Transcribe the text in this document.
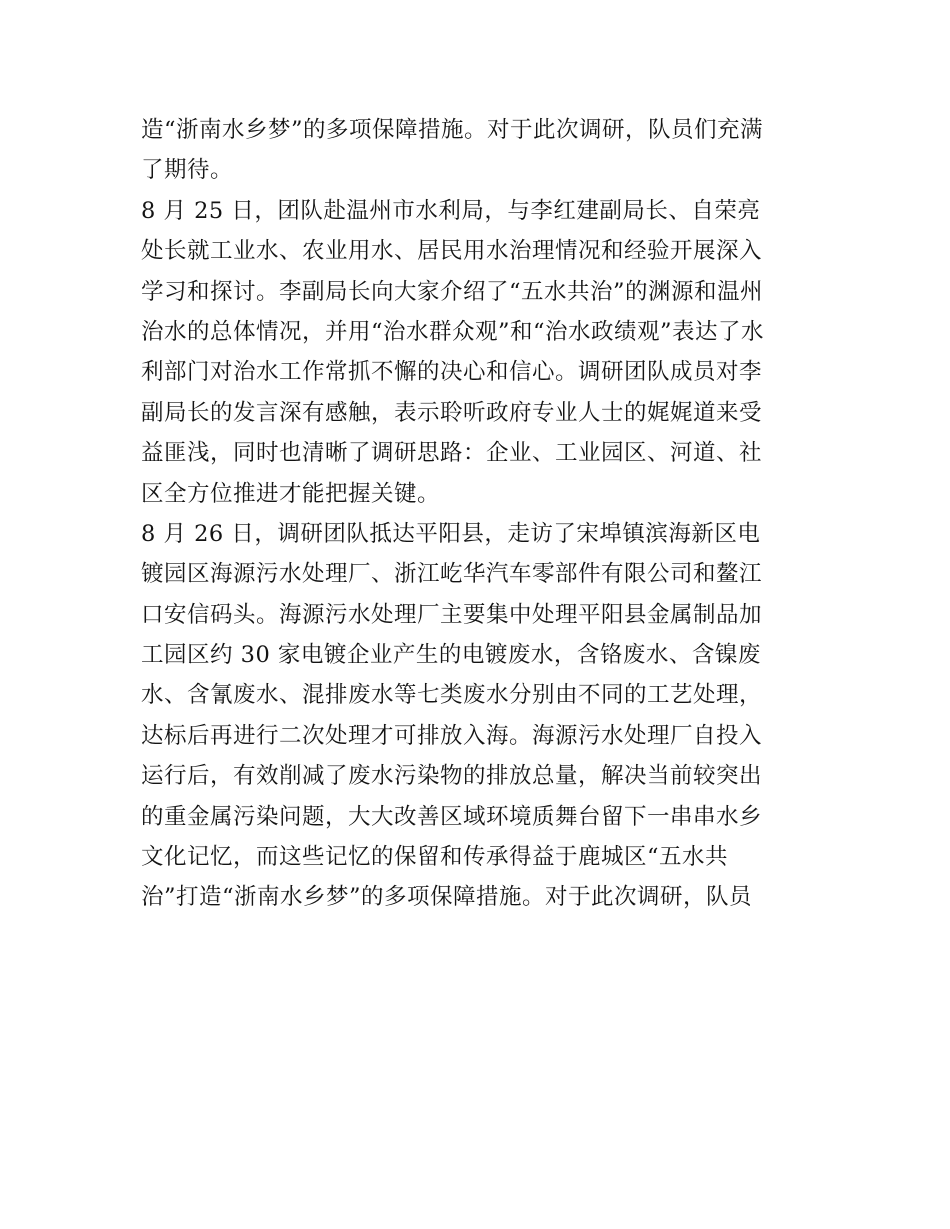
造“浙南水乡梦”的多项保障措施。对于此次调研，队员们充满
了期待。
8 月 25 日，团队赴温州市水利局，与李红建副局长、自荣亮
处长就工业水、农业用水、居民用水治理情况和经验开展深入
学习和探讨。李副局长向大家介绍了“五水共治”的渊源和温州
治水的总体情况，并用“治水群众观”和“治水政绩观”表达了水
利部门对治水工作常抓不懈的决心和信心。调研团队成员对李
副局长的发言深有感触，表示聆听政府专业人士的娓娓道来受
益匪浅，同时也清晰了调研思路：企业、工业园区、河道、社
区全方位推进才能把握关键。
8 月 26 日，调研团队抵达平阳县，走访了宋埠镇滨海新区电
镀园区海源污水处理厂、浙江屹华汽车零部件有限公司和鳌江
口安信码头。海源污水处理厂主要集中处理平阳县金属制品加
工园区约 30 家电镀企业产生的电镀废水，含铬废水、含镍废
水、含氰废水、混排废水等七类废水分别由不同的工艺处理，
达标后再进行二次处理才可排放入海。海源污水处理厂自投入
运行后，有效削减了废水污染物的排放总量，解决当前较突出
的重金属污染问题，大大改善区域环境质舞台留下一串串水乡
文化记忆，而这些记忆的保留和传承得益于鹿城区“五水共
治”打造“浙南水乡梦”的多项保障措施。对于此次调研，队员
